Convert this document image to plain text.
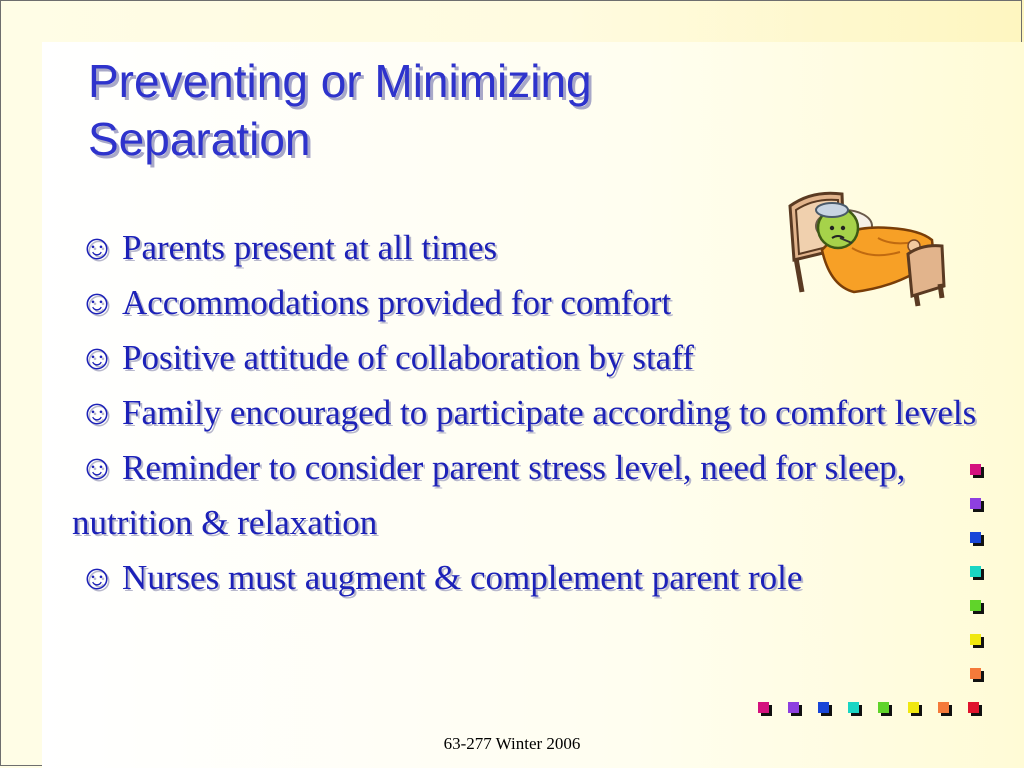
Preventing or Minimizing Separation
☺ Parents present at all times
☺ Accommodations provided for comfort
☺ Positive attitude of collaboration by staff
☺ Family encouraged to participate according to comfort levels
☺ Reminder to consider parent stress level, need for sleep, nutrition & relaxation
☺ Nurses must augment & complement parent role
63-277 Winter 2006
